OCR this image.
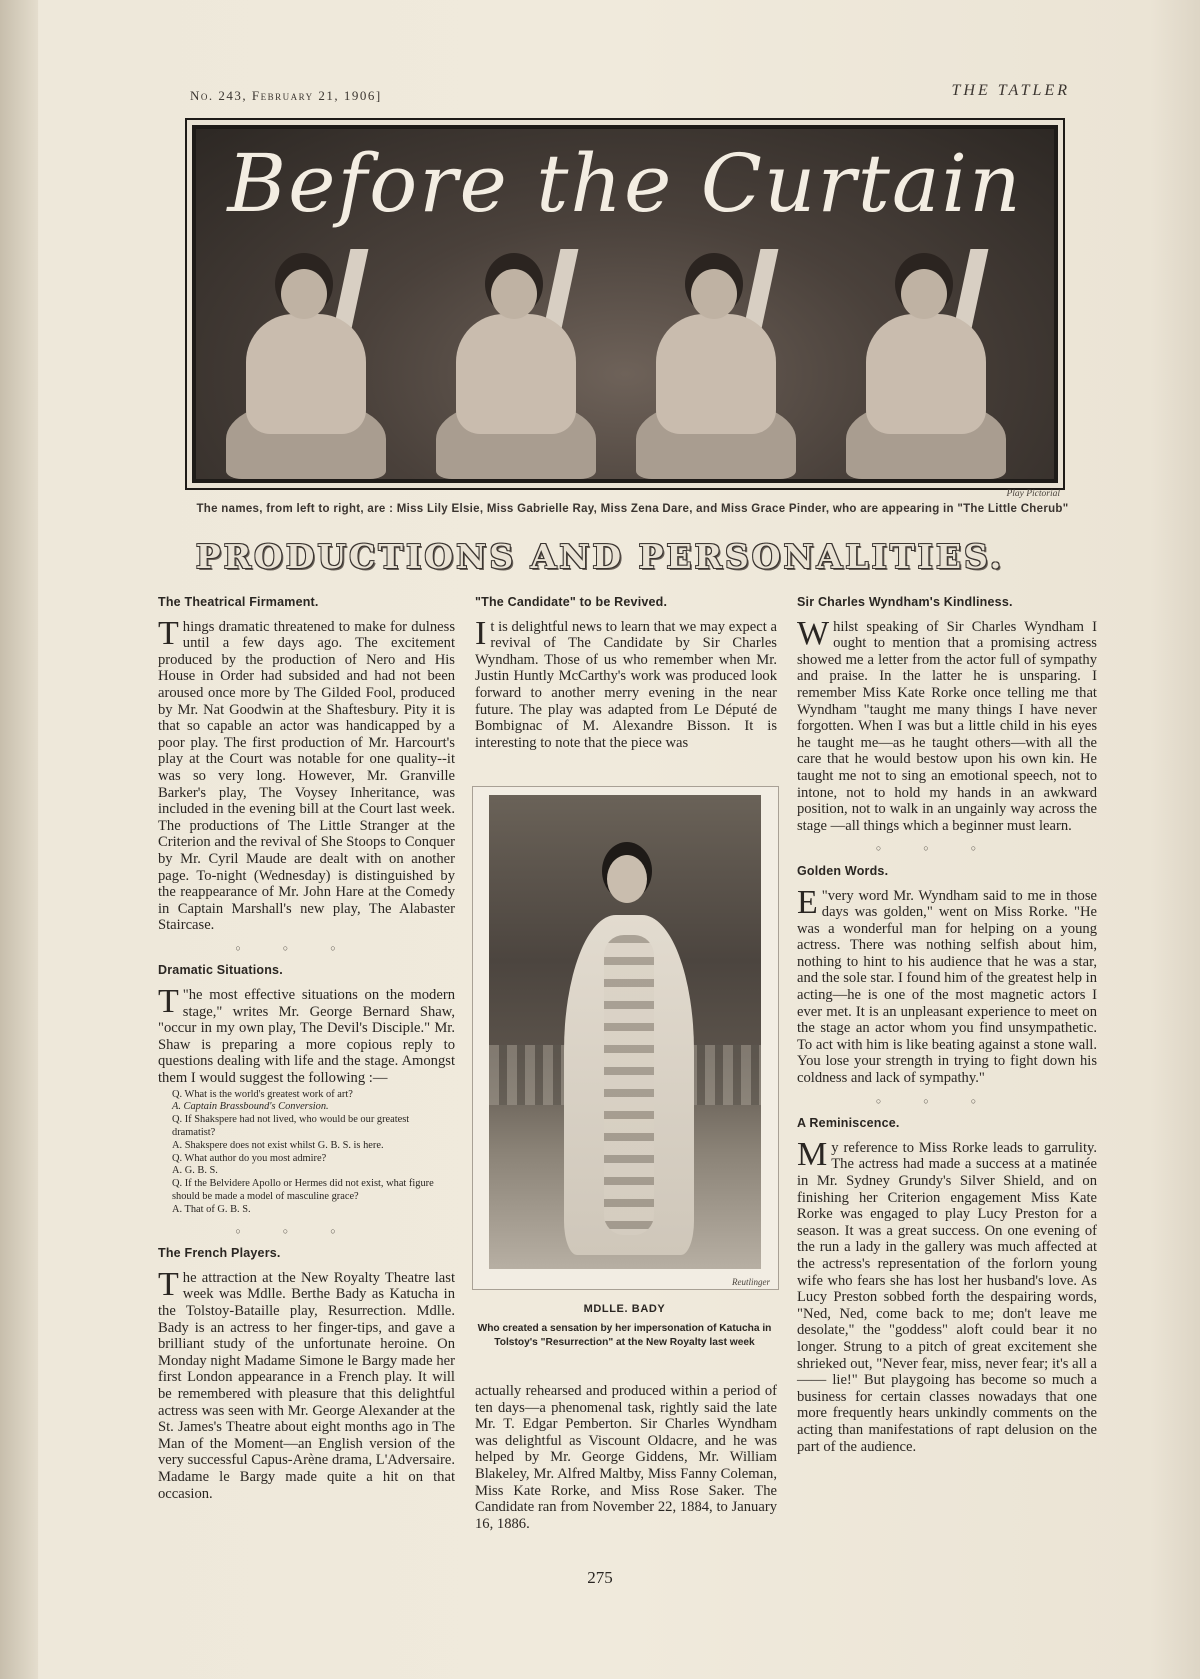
No. 243, February 21, 1906]	THE TATLER
Before the Curtain
Play Pictorial
The names, from left to right, are : Miss Lily Elsie, Miss Gabrielle Ray, Miss Zena Dare, and Miss Grace Pinder, who are appearing in "The Little Cherub"
PRODUCTIONS AND PERSONALITIES.
The Theatrical Firmament.

Things dramatic threatened to make for dulness until a few days ago. The excitement produced by the production of Nero and His House in Order had subsided and had not been aroused once more by The Gilded Fool, produced by Mr. Nat Goodwin at the Shaftesbury. Pity it is that so capable an actor was handicapped by a poor play. The first production of Mr. Harcourt's play at the Court was notable for one quality--it was so very long. However, Mr. Granville Barker's play, The Voysey Inheritance, was included in the evening bill at the Court last week. The productions of The Little Stranger at the Criterion and the revival of She Stoops to Conquer by Mr. Cyril Maude are dealt with on another page. To-night (Wednesday) is distinguished by the reappearance of Mr. John Hare at the Comedy in Captain Marshall's new play, The Alabaster Staircase.

○○○
Dramatic Situations.

T "he most effective situations on the modern stage," writes Mr. George Bernard Shaw, "occur in my own play, The Devil's Disciple." Mr. Shaw is preparing a more copious reply to questions dealing with life and the stage. Amongst them I would suggest the following :—

Q. What is the world's greatest work of art?
A. Captain Brassbound's Conversion.
Q. If Shakspere had not lived, who would be our greatest dramatist?
A. Shakspere does not exist whilst G. B. S. is here.
Q. What author do you most admire?
A. G. B. S.
Q. If the Belvidere Apollo or Hermes did not exist, what figure should be made a model of masculine grace?
A. That of G. B. S.
○○○
The French Players.

The attraction at the New Royalty Theatre last week was Mdlle. Berthe Bady as Katucha in the Tolstoy-Bataille play, Resurrection. Mdlle. Bady is an actress to her finger-tips, and gave a brilliant study of the unfortunate heroine. On Monday night Madame Simone le Bargy made her first London appearance in a French play. It will be remembered with pleasure that this delightful actress was seen with Mr. George Alexander at the St. James's Theatre about eight months ago in The Man of the Moment—an English version of the very successful Capus-Arène drama, L'Adversaire. Madame le Bargy made quite a hit on that occasion.

"The Candidate" to be Revived.

It is delightful news to learn that we may expect a revival of The Candidate by Sir Charles Wyndham. Those of us who remember when Mr. Justin Huntly McCarthy's work was produced look forward to another merry evening in the near future. The play was adapted from Le Député de Bombignac of M. Alexandre Bisson. It is interesting to note that the piece was

Reutlinger
MDLLE. BADY
Who created a sensation by her impersonation of Katucha in Tolstoy's "Resurrection" at the New Royalty last week

actually rehearsed and produced within a period of ten days—a phenomenal task, rightly said the late Mr. T. Edgar Pemberton. Sir Charles Wyndham was delightful as Viscount Oldacre, and he was helped by Mr. George Giddens, Mr. William Blakeley, Mr. Alfred Maltby, Miss Fanny Coleman, Miss Kate Rorke, and Miss Rose Saker. The Candidate ran from November 22, 1884, to January 16, 1886.

Sir Charles Wyndham's Kindliness.

Whilst speaking of Sir Charles Wyndham I ought to mention that a promising actress showed me a letter from the actor full of sympathy and praise. In the latter he is unsparing. I remember Miss Kate Rorke once telling me that Wyndham "taught me many things I have never forgotten. When I was but a little child in his eyes he taught me—as he taught others—with all the care that he would bestow upon his own kin. He taught me not to sing an emotional speech, not to intone, not to hold my hands in an awkward position, not to walk in an ungainly way across the stage —all things which a beginner must learn.

○○○
Golden Words.

E "very word Mr. Wyndham said to me in those days was golden," went on Miss Rorke. "He was a wonderful man for helping on a young actress. There was nothing selfish about him, nothing to hint to his audience that he was a star, and the sole star. I found him of the greatest help in acting—he is one of the most magnetic actors I ever met. It is an unpleasant experience to meet on the stage an actor whom you find unsympathetic. To act with him is like beating against a stone wall. You lose your strength in trying to fight down his coldness and lack of sympathy."

○○○
A Reminiscence.

My reference to Miss Rorke leads to garrulity. The actress had made a success at a matinée in Mr. Sydney Grundy's Silver Shield, and on finishing her Criterion engagement Miss Kate Rorke was engaged to play Lucy Preston for a season. It was a great success. On one evening of the run a lady in the gallery was much affected at the actress's representation of the forlorn young wife who fears she has lost her husband's love. As Lucy Preston sobbed forth the despairing words, "Ned, Ned, come back to me; don't leave me desolate," the "goddess" aloft could bear it no longer. Strung to a pitch of great excitement she shrieked out, "Never fear, miss, never fear; it's all a —— lie!" But playgoing has become so much a business for certain classes nowadays that one more frequently hears unkindly comments on the acting than manifestations of rapt delusion on the part of the audience.

275
